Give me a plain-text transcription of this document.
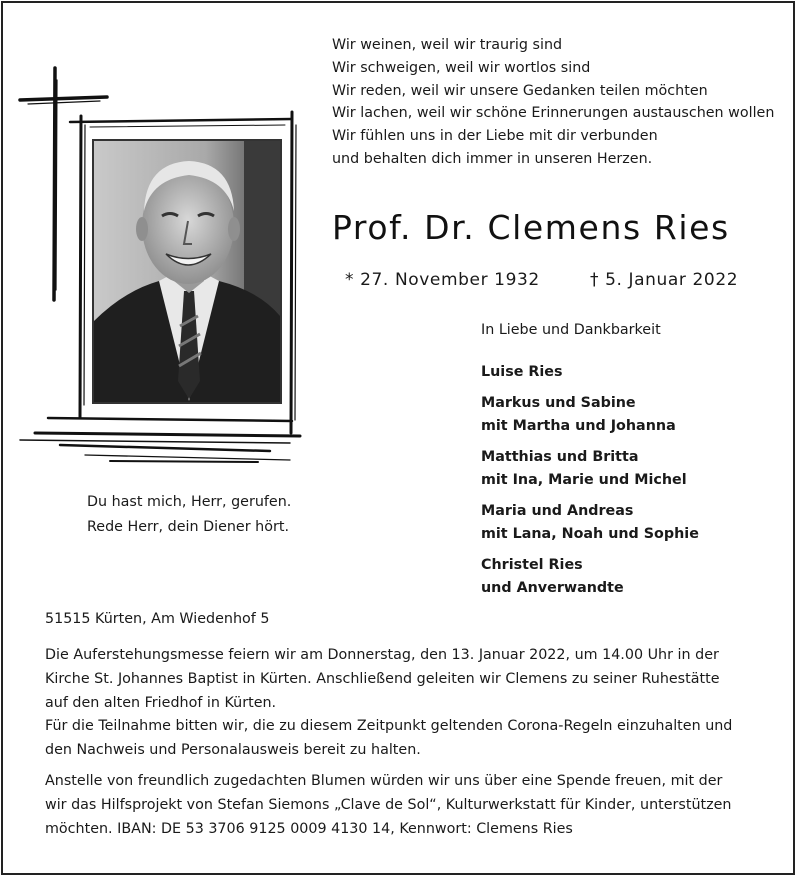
Wir weinen, weil wir traurig sind
Wir schweigen, weil wir wortlos sind
Wir reden, weil wir unsere Gedanken teilen möchten
Wir lachen, weil wir schöne Erinnerungen austauschen wollen
Wir fühlen uns in der Liebe mit dir verbunden
und behalten dich immer in unseren Herzen.
Prof. Dr. Clemens Ries
* 27. November 1932	† 5. Januar 2022
In Liebe und Dankbarkeit
Luise Ries
Markus und Sabine
mit Martha und Johanna
Matthias und Britta
mit Ina, Marie und Michel
Maria und Andreas
mit Lana, Noah und Sophie
Christel Ries
und Anverwandte
Du hast mich, Herr, gerufen.
Rede Herr, dein Diener hört.
51515 Kürten, Am Wiedenhof 5

Die Auferstehungsmesse feiern wir am Donnerstag, den 13. Januar 2022, um 14.00 Uhr in der

Kirche St. Johannes Baptist in Kürten. Anschließend geleiten wir Clemens zu seiner Ruhestätte

auf den alten Friedhof in Kürten.

Für die Teilnahme bitten wir, die zu diesem Zeitpunkt geltenden Corona-Regeln einzuhalten und

den Nachweis und Personalausweis bereit zu halten.

Anstelle von freundlich zugedachten Blumen würden wir uns über eine Spende freuen, mit der

wir das Hilfsprojekt von Stefan Siemons „Clave de Sol“, Kulturwerkstatt für Kinder, unterstützen

möchten. IBAN: DE 53 3706 9125 0009 4130 14, Kennwort: Clemens Ries
